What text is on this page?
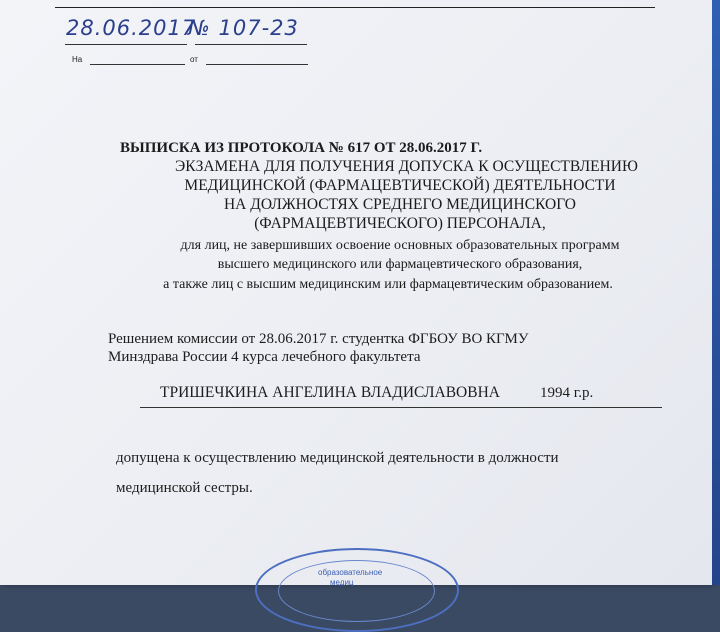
28.06.2017
№ 107-23
На	от
ВЫПИСКА ИЗ ПРОТОКОЛА № 617 ОТ 28.06.2017 Г.
ЭКЗАМЕНА ДЛЯ ПОЛУЧЕНИЯ ДОПУСКА К ОСУЩЕСТВЛЕНИЮ
МЕДИЦИНСКОЙ (ФАРМАЦЕВТИЧЕСКОЙ) ДЕЯТЕЛЬНОСТИ
НА ДОЛЖНОСТЯХ СРЕДНЕГО МЕДИЦИНСКОГО
(ФАРМАЦЕВТИЧЕСКОГО) ПЕРСОНАЛА,
для лиц, не завершивших освоение основных образовательных программ
высшего медицинского или фармацевтического образования,
а также лиц с высшим медицинским или фармацевтическим образованием.
Решением комиссии от 28.06.2017 г. студентка ФГБОУ ВО КГМУ
Минздрава России 4 курса лечебного факультета
ТРИШЕЧКИНА АНГЕЛИНА ВЛАДИСЛАВОВНА	1994 г.р.
допущена к осуществлению медицинской деятельности в должности
медицинской сестры.
образовательное
медиц
